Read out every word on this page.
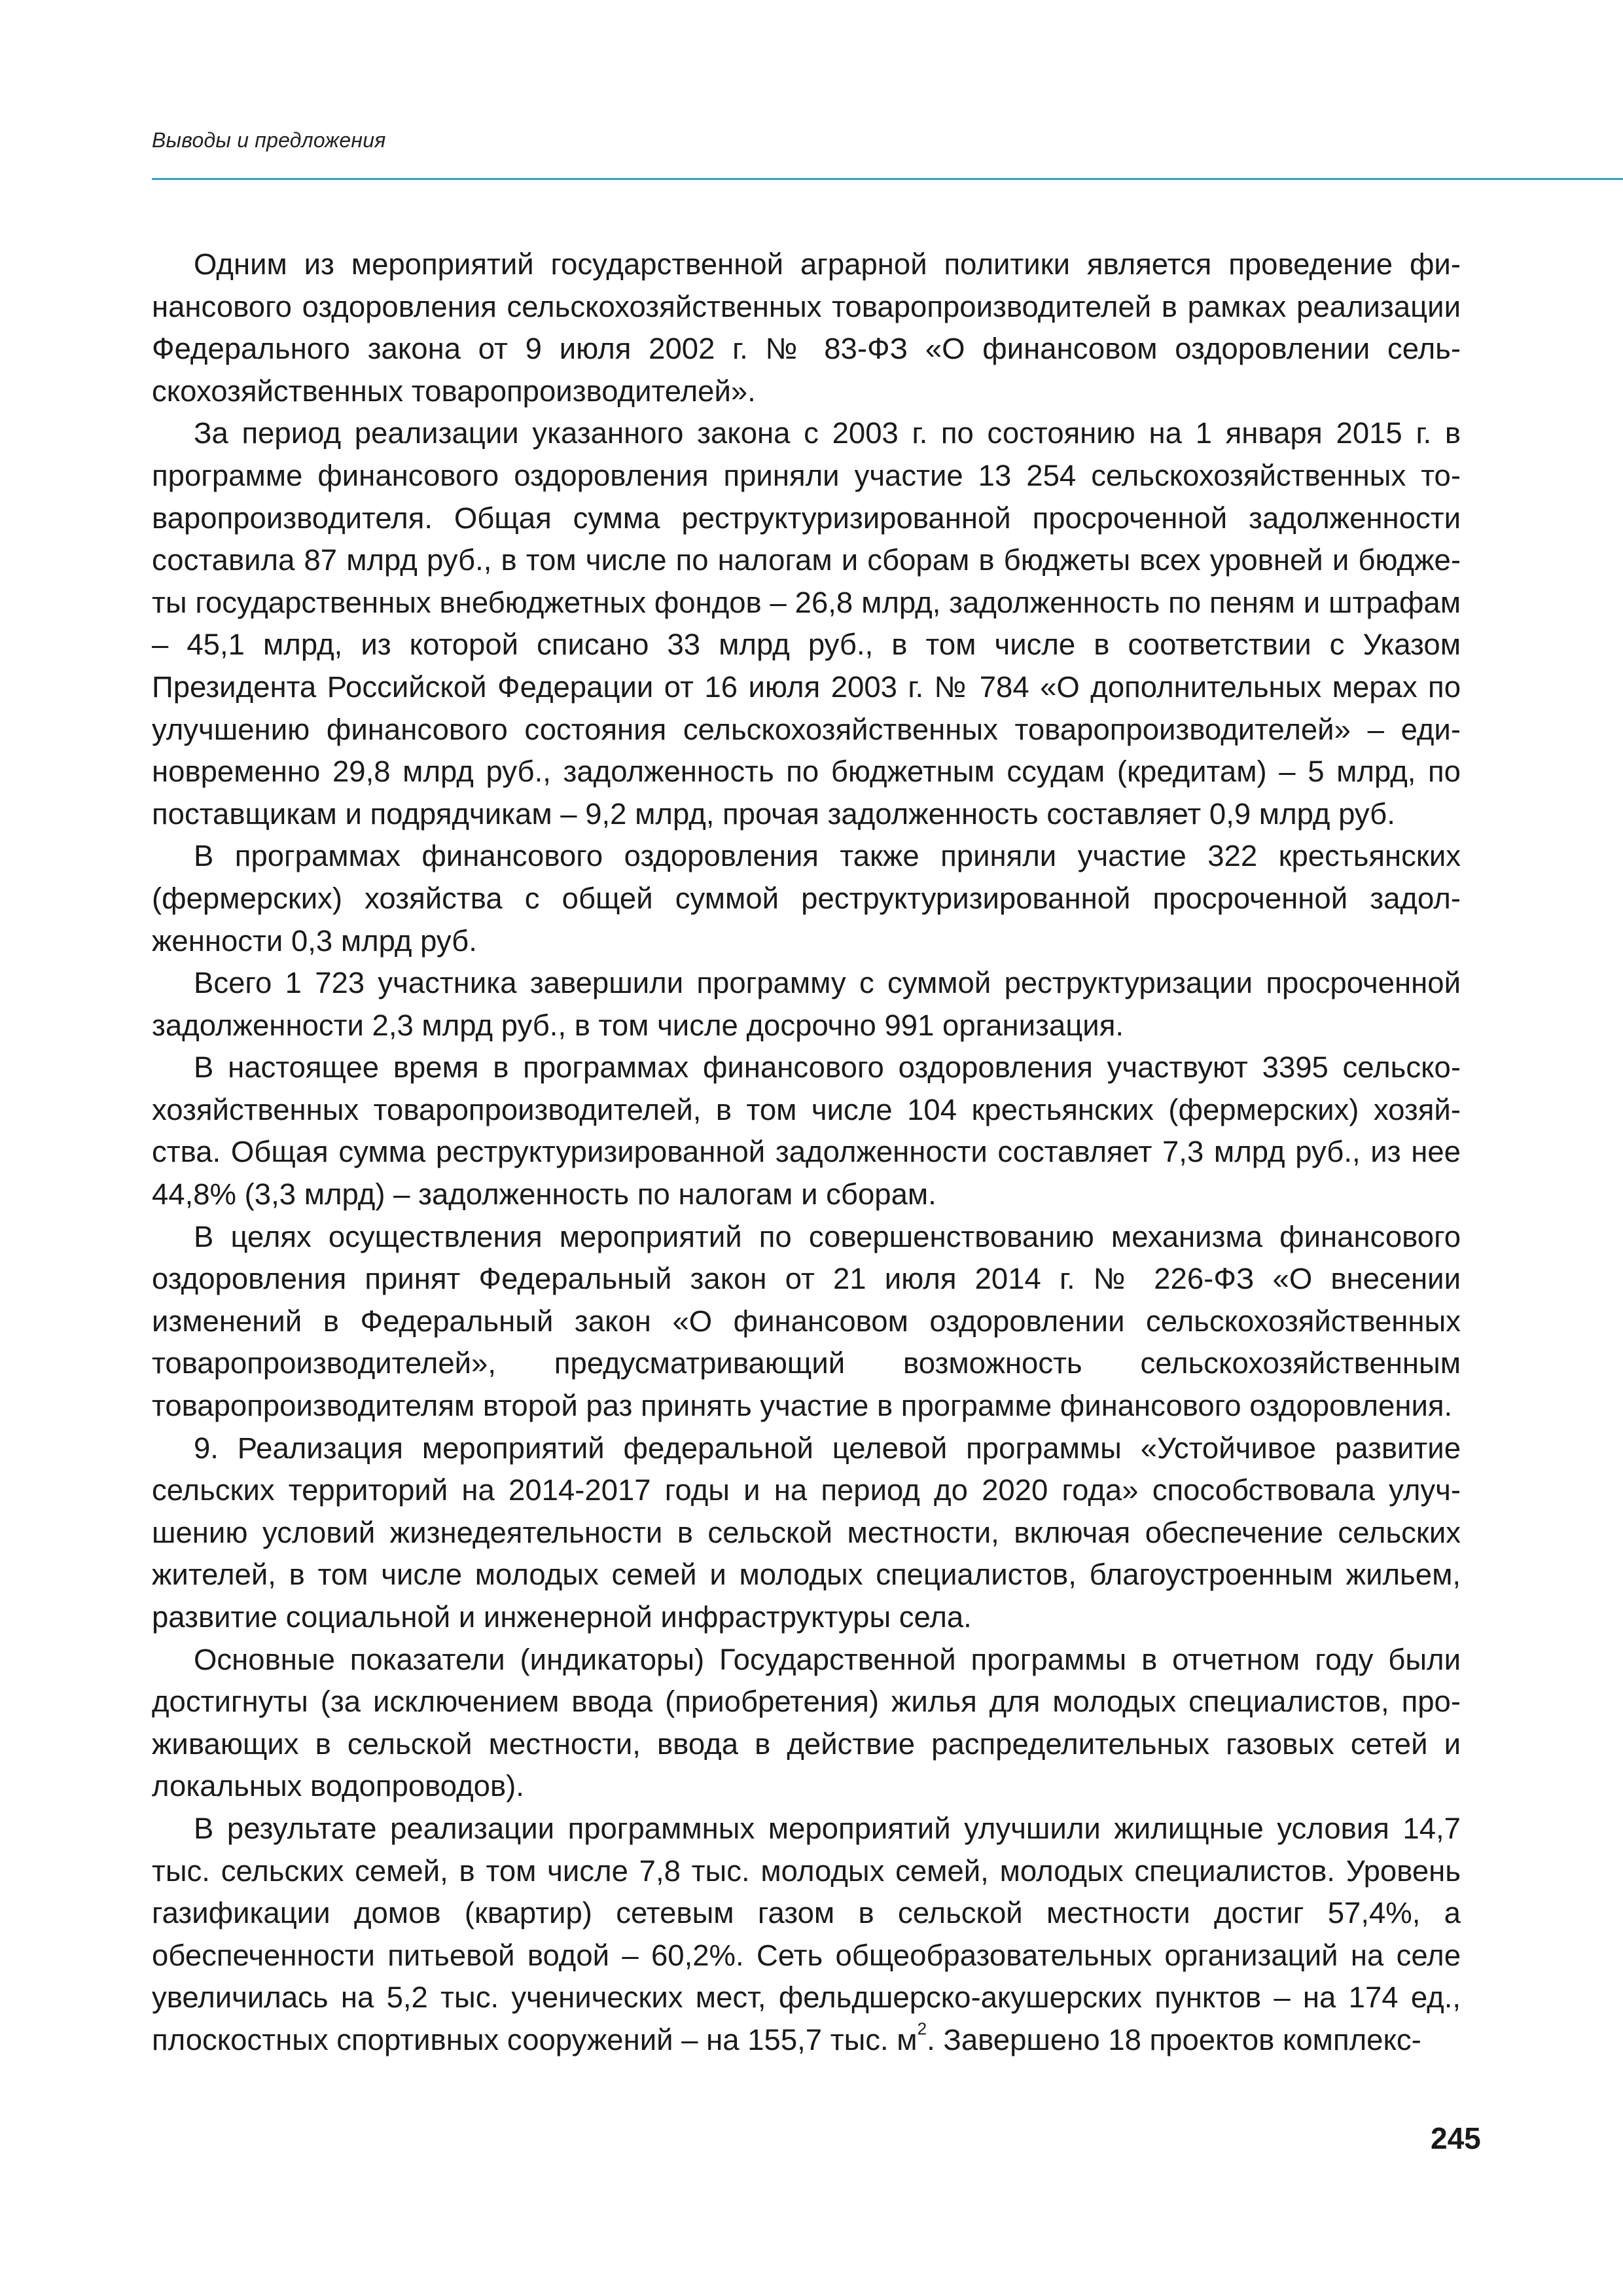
Выводы и предложения

Одним из мероприятий государственной аграрной политики является проведение финансового оздоровления сельскохозяйственных товаропроизводителей в рамках реализации Федерального закона от 9 июля 2002 г. № 83-ФЗ «О финансовом оздоровлении сельскохозяйственных товаропроизводителей».

За период реализации указанного закона с 2003 г. по состоянию на 1 января 2015 г. в программе финансового оздоровления приняли участие 13 254 сельскохозяйственных товаропроизводителя. Общая сумма реструктуризированной просроченной задолженности составила 87 млрд руб., в том числе по налогам и сборам в бюджеты всех уровней и бюджеты государственных внебюджетных фондов – 26,8 млрд, задолженность по пеням и штрафам – 45,1 млрд, из которой списано 33 млрд руб., в том числе в соответствии с Указом Президента Российской Федерации от 16 июля 2003 г. № 784 «О дополнительных мерах по улучшению финансового состояния сельскохозяйственных товаропроизводителей» – единовременно 29,8 млрд руб., задолженность по бюджетным ссудам (кредитам) – 5 млрд, по поставщикам и подрядчикам – 9,2 млрд, прочая задолженность составляет 0,9 млрд руб.

В программах финансового оздоровления также приняли участие 322 крестьянских (фермерских) хозяйства с общей суммой реструктуризированной просроченной задолженности 0,3 млрд руб.

Всего 1 723 участника завершили программу с суммой реструктуризации просроченной задолженности 2,3 млрд руб., в том числе досрочно 991 организация.

В настоящее время в программах финансового оздоровления участвуют 3395 сельскохозяйственных товаропроизводителей, в том числе 104 крестьянских (фермерских) хозяйства. Общая сумма реструктуризированной задолженности составляет 7,3 млрд руб., из нее 44,8% (3,3 млрд) – задолженность по налогам и сборам.

В целях осуществления мероприятий по совершенствованию механизма финансового оздоровления принят Федеральный закон от 21 июля 2014 г. № 226-ФЗ «О внесении изменений в Федеральный закон «О финансовом оздоровлении сельскохозяйственных товаропроизводителей», предусматривающий возможность сельскохозяйственным товаропроизводителям второй раз принять участие в программе финансового оздоровления.

9. Реализация мероприятий федеральной целевой программы «Устойчивое развитие сельских территорий на 2014-2017 годы и на период до 2020 года» способствовала улучшению условий жизнедеятельности в сельской местности, включая обеспечение сельских жителей, в том числе молодых семей и молодых специалистов, благоустроенным жильем, развитие социальной и инженерной инфраструктуры села.

Основные показатели (индикаторы) Государственной программы в отчетном году были достигнуты (за исключением ввода (приобретения) жилья для молодых специалистов, проживающих в сельской местности, ввода в действие распределительных газовых сетей и локальных водопроводов).

В результате реализации программных мероприятий улучшили жилищные условия 14,7 тыс. сельских семей, в том числе 7,8 тыс. молодых семей, молодых специалистов. Уровень газификации домов (квартир) сетевым газом в сельской местности достиг 57,4%, а обеспеченности питьевой водой – 60,2%. Сеть общеобразовательных организаций на селе увеличилась на 5,2 тыс. ученических мест, фельдшерско-акушерских пунктов – на 174 ед., плоскостных спортивных сооружений – на 155,7 тыс. $м^2$. Завершено 18 проектов комплекс-

245
